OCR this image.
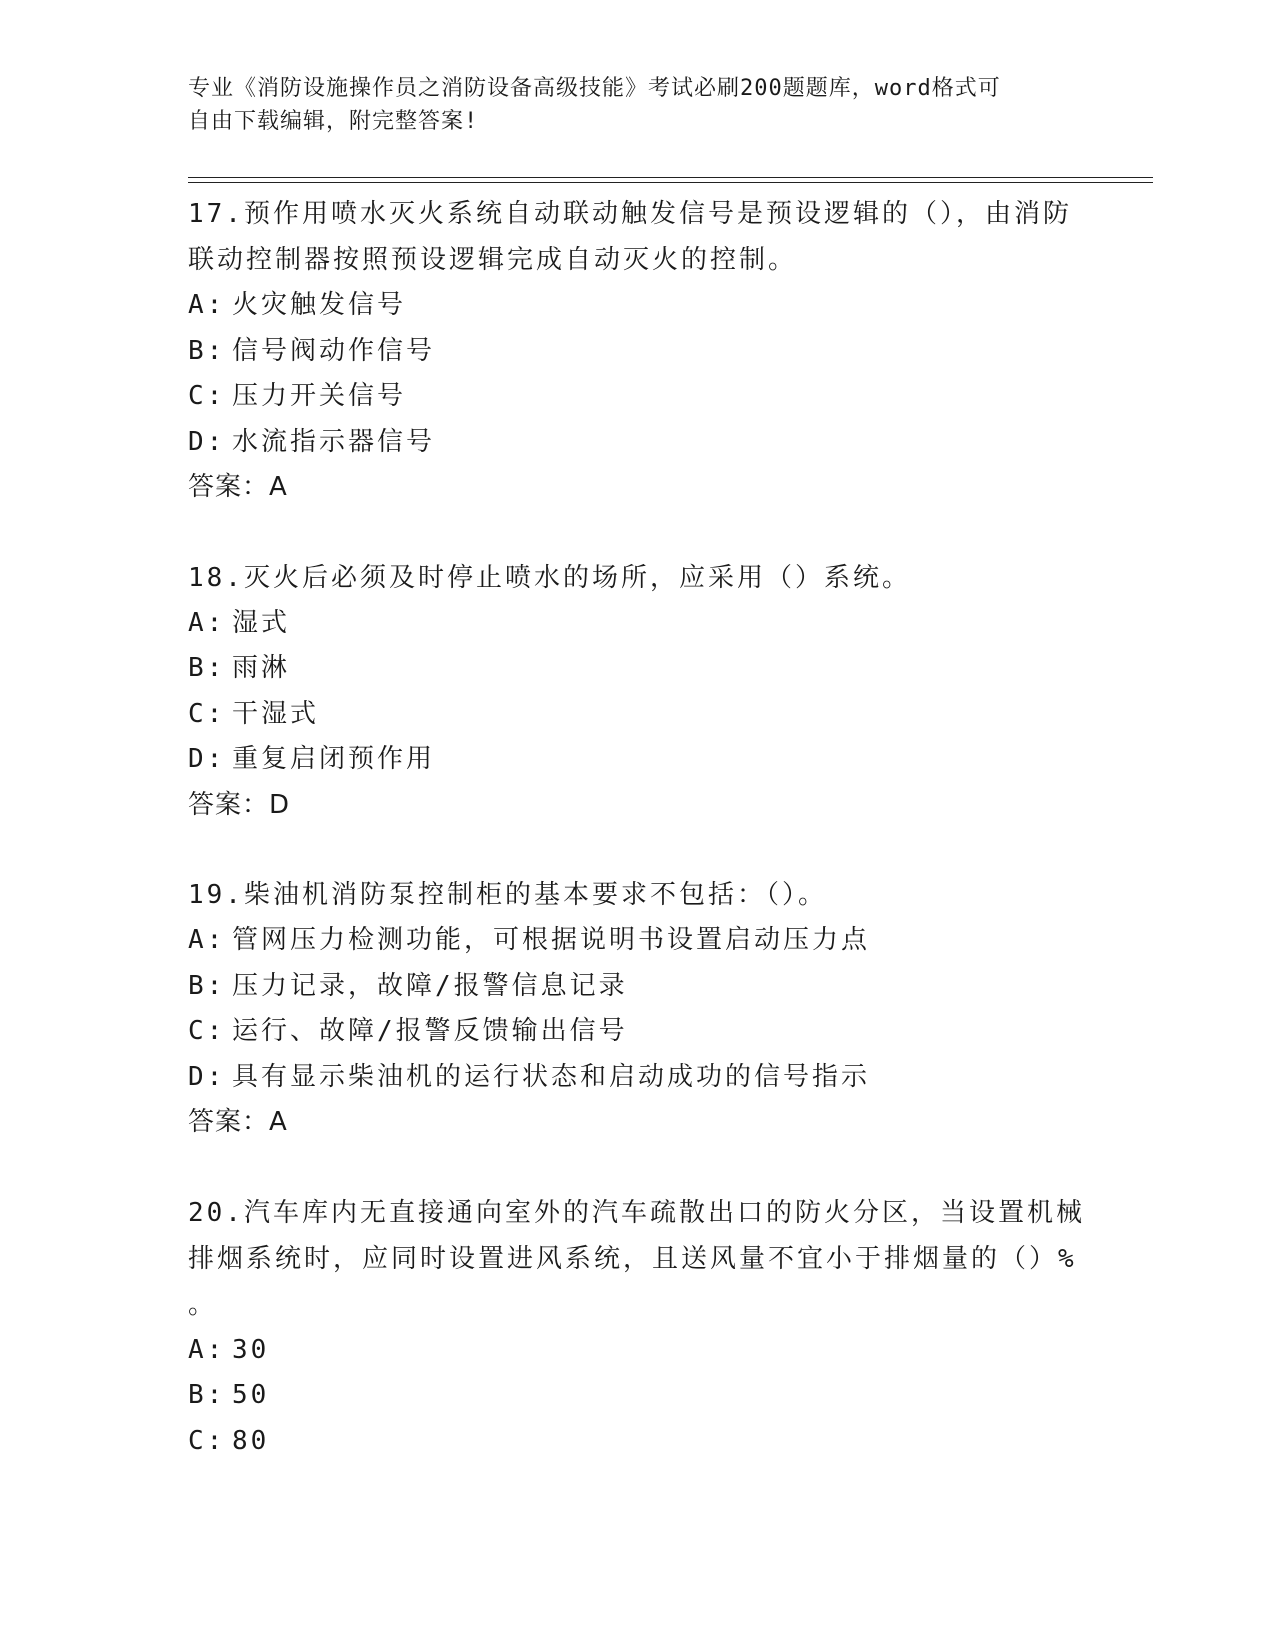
专业《消防设施操作员之消防设备高级技能》考试必刷200题题库，word格式可
自由下载编辑，附完整答案!
17.预作用喷水灭火系统自动联动触发信号是预设逻辑的（），由消防
联动控制器按照预设逻辑完成自动灭火的控制。
A: 火灾触发信号
B: 信号阀动作信号
C: 压力开关信号
D: 水流指示器信号
答案：A
18.灭火后必须及时停止喷水的场所，应采用（）系统。
A: 湿式
B: 雨淋
C: 干湿式
D: 重复启闭预作用
答案：D
19.柴油机消防泵控制柜的基本要求不包括：（）。
A: 管网压力检测功能，可根据说明书设置启动压力点
B: 压力记录，故障/报警信息记录
C: 运行、故障/报警反馈输出信号
D: 具有显示柴油机的运行状态和启动成功的信号指示
答案：A
20.汽车库内无直接通向室外的汽车疏散出口的防火分区，当设置机械
排烟系统时，应同时设置进风系统，且送风量不宜小于排烟量的（）%
。
A: 30
B: 50
C: 80
